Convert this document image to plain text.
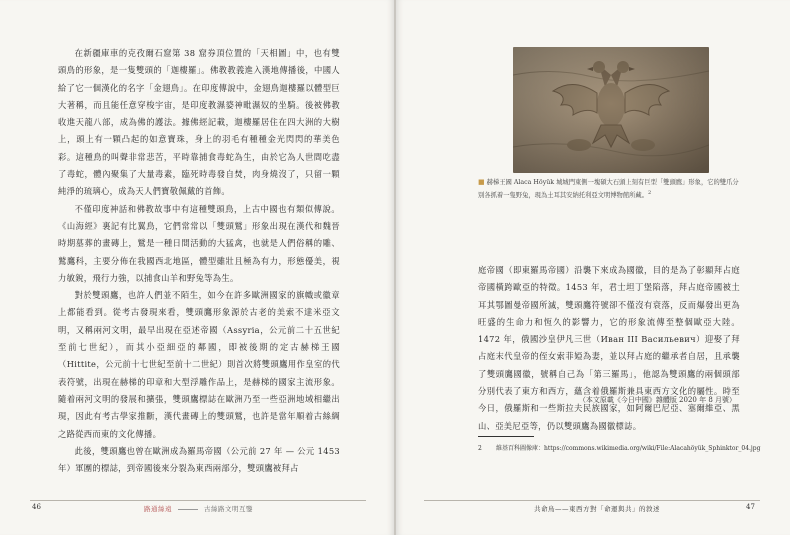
在新疆庫車的克孜爾石窟第 38 窟券頂位置的「天相圖」中，也有雙頭鳥的形象，是一隻雙頭的「迦樓羅」。佛教教義進入漢地傳播後，中國人給了它一個漢化的名字「金翅鳥」。在印度傳說中，金翅鳥迦樓羅以體型巨大著稱，而且能任意穿梭宇宙，是印度教濕婆神毗濕奴的坐騎。後被佛教收進天龍八部，成為佛的護法。據佛經記載，迦樓羅居住在四大洲的大樹上，頭上有一顆凸起的如意寶珠，身上的羽毛有種種金光閃閃的華美色彩。這種鳥的叫聲非常悲苦，平時靠捕食毒蛇為生，由於它為人世間吃盡了毒蛇，體內聚集了大量毒素，臨死時毒發自焚，肉身燒沒了，只留一顆純淨的琉璃心，成為天人們寶敬佩戴的首飾。

不僅印度神話和佛教故事中有這種雙頭鳥，上古中國也有類似傳說。《山海經》裏記有比翼鳥，它們常常以「雙頭鷲」形象出現在漢代和魏晉時期墓葬的畫磚上，鷲是一種日間活動的大猛禽，也就是人們俗稱的雕、鷲鷹科，主要分佈在我國西北地區，體型雖壯且極為有力，形態優美，視力敏銳，飛行力強，以捕食山羊和野兔等為生。

對於雙頭鷹，也許人們並不陌生，如今在許多歐洲國家的旗幟或徽章上都能看到。從考古發現來看，雙頭鷹形象源於古老的美索不達米亞文明，又稱兩河文明，最早出現在亞述帝國（Assyria，公元前二十五世紀至前七世紀），而其小亞細亞的鄰國，即被後期的定古赫梯王國（Hittite，公元前十七世紀至前十二世紀）則首次將雙頭鷹用作皇室的代表符號，出現在赫梯的印章和大型浮雕作品上，是赫梯的國家主流形象。隨着兩河文明的發展和擴張，雙頭鷹標誌在歐洲乃至一些亞洲地域相繼出現，因此有考古學家推斷，漢代畫磚上的雙頭鷲，也許是當年順着古絲綢之路從西而東的文化傳播。

此後，雙頭鷹也曾在歐洲成為羅馬帝國（公元前 27 年 — 公元 1453 年）軍團的標誌，到帝國後來分裂為東西兩部分，雙頭鷹被拜占

46	路通絲遠	古絲路文明互鑒
■ 赫梯王國 Alaca Höyük 城城門東側一塊碩大石頭上刻有巨型「雙頭鷹」形象，它的雙爪分別各抓着一隻野兔，現為土耳其安納托利亞文明博物館所藏。$^2$

庭帝國（即東羅馬帝國）沿襲下來成為國徽，目的是為了彰顯拜占庭帝國橫跨歐亞的特徵。1453 年，君士坦丁堡陷落，拜占庭帝國被土耳其鄂圖曼帝國所滅，雙頭鷹符號卻不僅沒有衰落，反而爆發出更為旺盛的生命力和恆久的影響力，它的形象流傳至整個歐亞大陸。1472 年，俄國沙皇伊凡三世（Иван III Васильевич）迎娶了拜占庭末代皇帝的侄女索菲婭為妻，並以拜占庭的繼承者自居，且承襲了雙頭鷹國徽，號稱自己為「第三羅馬」，他認為雙頭鷹的兩個頭部分別代表了東方和西方，蘊含着俄羅斯兼具東西方文化的屬性。時至今日，俄羅斯和一些斯拉夫民族國家，如阿爾巴尼亞、塞爾維亞、黑山、亞美尼亞等，仍以雙頭鷹為國徽標誌。

（本文原載《今日中國》雜體版 2020 年 8 月號）
2 維基百科圖像庫：https://commons.wikimedia.org/wiki/File:Alacahöyük_Sphinktor_04.jpg
共命鳥——東西方對「命運與共」的敘述	47
